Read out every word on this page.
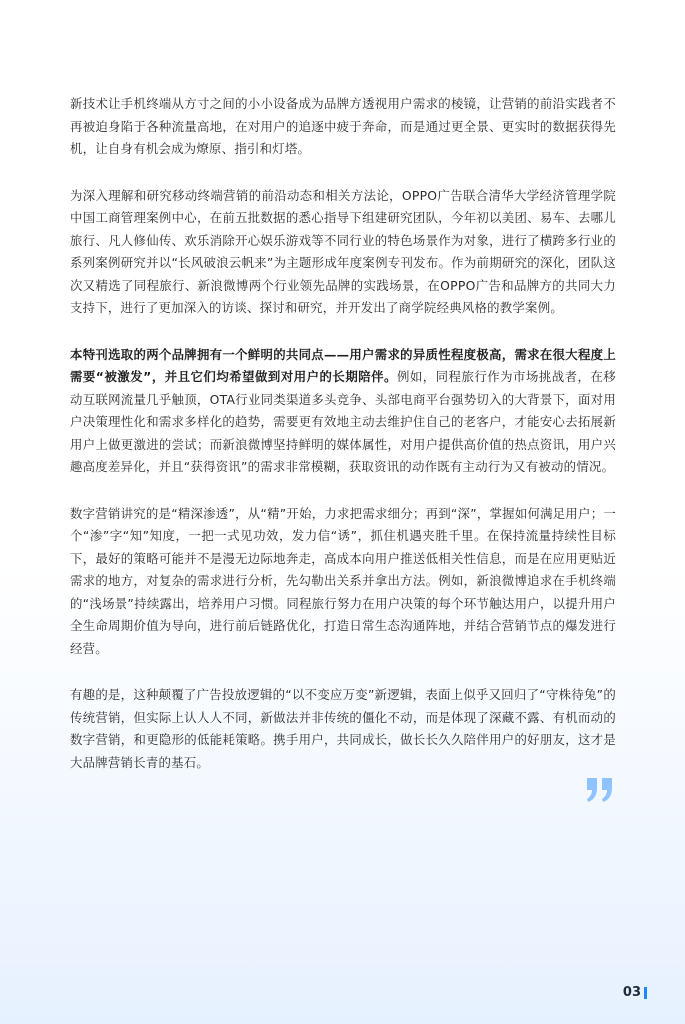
新技术让手机终端从方寸之间的小小设备成为品牌方透视用户需求的棱镜，让营销的前沿实践者不再被迫身陷于各种流量高地，在对用户的追逐中疲于奔命，而是通过更全景、更实时的数据获得先机，让自身有机会成为燎原、指引和灯塔。

为深入理解和研究移动终端营销的前沿动态和相关方法论，OPPO广告联合清华大学经济管理学院中国工商管理案例中心，在前五批数据的悉心指导下组建研究团队，今年初以美团、易车、去哪儿旅行、凡人修仙传、欢乐消除开心娱乐游戏等不同行业的特色场景作为对象，进行了横跨多行业的系列案例研究并以“长风破浪云帆来”为主题形成年度案例专刊发布。作为前期研究的深化，团队这次又精选了同程旅行、新浪微博两个行业领先品牌的实践场景，在OPPO广告和品牌方的共同大力支持下，进行了更加深入的访谈、探讨和研究，并开发出了商学院经典风格的教学案例。

本特刊选取的两个品牌拥有一个鲜明的共同点——用户需求的异质性程度极高，需求在很大程度上需要“被激发”，并且它们均希望做到对用户的长期陪伴。例如，同程旅行作为市场挑战者，在移动互联网流量几乎触顶，OTA行业同类渠道多头竞争、头部电商平台强势切入的大背景下，面对用户决策理性化和需求多样化的趋势，需要更有效地主动去维护住自己的老客户，才能安心去拓展新用户上做更激进的尝试；而新浪微博坚持鲜明的媒体属性，对用户提供高价值的热点资讯，用户兴趣高度差异化，并且“获得资讯”的需求非常模糊，获取资讯的动作既有主动行为又有被动的情况。

数字营销讲究的是“精深渗透”，从“精”开始，力求把需求细分；再到“深”，掌握如何满足用户；一个“渗”字“知”知度，一把一式见功效，发力信“诱”，抓住机遇夹胜千里。在保持流量持续性目标下，最好的策略可能并不是漫无边际地奔走，高成本向用户推送低相关性信息，而是在应用更贴近需求的地方，对复杂的需求进行分析，先勾勒出关系并拿出方法。例如，新浪微博追求在手机终端的“浅场景”持续露出，培养用户习惯。同程旅行努力在用户决策的每个环节触达用户，以提升用户全生命周期价值为导向，进行前后链路优化，打造日常生态沟通阵地，并结合营销节点的爆发进行经营。

有趣的是，这种颠覆了广告投放逻辑的“以不变应万变”新逻辑，表面上似乎又回归了“守株待兔”的传统营销，但实际上认人人不同，新做法并非传统的僵化不动，而是体现了深藏不露、有机而动的数字营销，和更隐形的低能耗策略。携手用户，共同成长，做长长久久陪伴用户的好朋友，这才是大品牌营销长青的基石。

03
